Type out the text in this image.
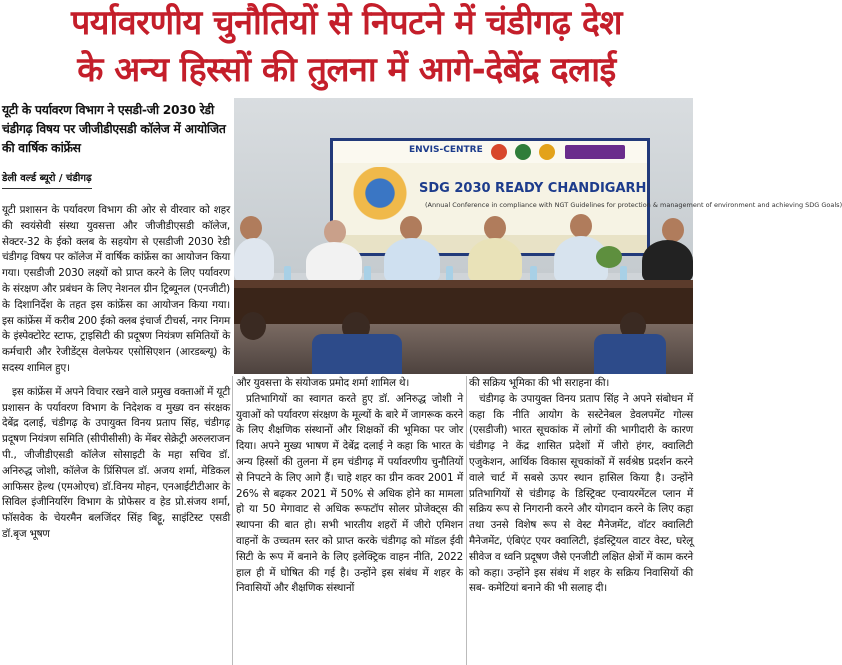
पर्यावरणीय चुनौतियों से निपटने में चंडीगढ़ देश
के अन्य हिस्सों की तुलना में आगे-देबेंद्र दलाई
यूटी के पर्यावरण विभाग ने एसडी-जी 2030 रेडी चंडीगढ़ विषय पर जीजीडीएसडी कॉलेज में आयोजित की वार्षिक कांफ्रेंस
डेली वर्ल्ड ब्यूरो / चंडीगढ़

यूटी प्रशासन के पर्यावरण विभाग की ओर से वीरवार को शहर की स्वयंसेवी संस्था युवसत्ता और जीजीडीएसडी कॉलेज, सेक्टर-32 के ईको क्लब के सहयोग से एसडीजी 2030 रेडी चंडीगढ़ विषय पर कॉलेज में वार्षिक कांफ्रेंस का आयोजन किया गया। एसडीजी 2030 लक्ष्यों को प्राप्त करने के लिए पर्यावरण के संरक्षण और प्रबंधन के लिए नेशनल ग्रीन ट्रिब्यूनल (एनजीटी) के दिशानिर्देश के तहत इस कांफ्रेंस का आयोजन किया गया। इस कांफ्रेंस में करीब 200 ईको क्लब इंचार्ज टीचर्स, नगर निगम के इंस्पेक्टोरेट स्टाफ, ट्राइसिटी की प्रदूषण नियंत्रण समितियों के कर्मचारी और रेजीडेंट्स वेलफेयर एसोसिएशन (आरडब्ल्यू) के सदस्य शामिल हुए।

इस कांफ्रेंस में अपने विचार रखने वाले प्रमुख वक्ताओं में यूटी प्रशासन के पर्यावरण विभाग के निदेशक व मुख्य वन संरक्षक देबेंद्र दलाई, चंडीगढ़ के उपायुक्त विनय प्रताप सिंह, चंडीगढ़ प्रदूषण नियंत्रण समिति (सीपीसीसी) के मेंबर सेक्रेट्री अरुलराजन पी., जीजीडीएसडी कॉलेज सोसाइटी के महा सचिव डॉ. अनिरुद्ध जोशी, कॉलेज के प्रिंसिपल डॉ. अजय शर्मा, मेडिकल आफिसर हेल्थ (एमओएच) डॉ.विनय मोहन, एनआईटीटीआर के सिविल इंजीनियरिंग विभाग के प्रोफेसर व हेड प्रो.संजय शर्मा, फॉसवेक के चेयरमैन बलजिंदर सिंह बिट्टू, साइंटिस्ट एसडी डॉ.बृज भूषण

ENVIS-CENTRE
SDG 2030 READY CHANDIGARH
(Annual Conference in compliance with NGT Guidelines for protection & management of environment and achieving SDG Goals)

और युवसत्ता के संयोजक प्रमोद शर्मा शामिल थे।

प्रतिभागियों का स्वागत करते हुए डॉ. अनिरुद्ध जोशी ने युवाओं को पर्यावरण संरक्षण के मूल्यों के बारे में जागरूक करने के लिए शैक्षणिक संस्थानों और शिक्षकों की भूमिका पर जोर दिया। अपने मुख्य भाषण में देबेंद्र दलाई ने कहा कि भारत के अन्य हिस्सों की तुलना में हम चंडीगढ़ में पर्यावरणीय चुनौतियों से निपटने के लिए आगे हैं। चाहे शहर का ग्रीन कवर 2001 में 26% से बढ़कर 2021 में 50% से अधिक होने का मामला हो या 50 मेगावाट से अधिक रूफटॉप सोलर प्रोजेक्ट्स की स्थापना की बात हो। सभी भारतीय शहरों में जीरो एमिशन वाहनों के उच्चतम स्तर को प्राप्त करके चंडीगढ़ को मॉडल ईवी सिटी के रूप में बनाने के लिए इलेक्ट्रिक वाहन नीति, 2022 हाल ही में घोषित की गई है। उन्होंने इस संबंध में शहर के निवासियों और शैक्षणिक संस्थानों

की सक्रिय भूमिका की भी सराहना की।

चंडीगढ़ के उपायुक्त विनय प्रताप सिंह ने अपने संबोधन में कहा कि नीति आयोग के सस्टेनेबल डेवलपमेंट गोल्स (एसडीजी) भारत सूचकांक में लोगों की भागीदारी के कारण चंडीगढ़ ने केंद्र शासित प्रदेशों में जीरो हंगर, क्वालिटी एजुकेशन, आर्थिक विकास सूचकांकों में सर्वश्रेष्ठ प्रदर्शन करने वाले चार्ट में सबसे ऊपर स्थान हासिल किया है। उन्होंने प्रतिभागियों से चंडीगढ़ के डिस्ट्रिक्ट एन्वायरमेंटल प्लान में सक्रिय रूप से निगरानी करने और योगदान करने के लिए कहा तथा उनसे विशेष रूप से वेस्ट मैनेजमेंट, वॉटर क्वालिटी मैनेजमेंट, एंबिएंट एयर क्वालिटी, इंडस्ट्रियल वाटर वेस्ट, घरेलू सीवेज व ध्वनि प्रदूषण जैसे एनजीटी लक्षित क्षेत्रों में काम करने को कहा। उन्होंने इस संबंध में शहर के सक्रिय निवासियों की सब- कमेटियां बनाने की भी सलाह दी।
